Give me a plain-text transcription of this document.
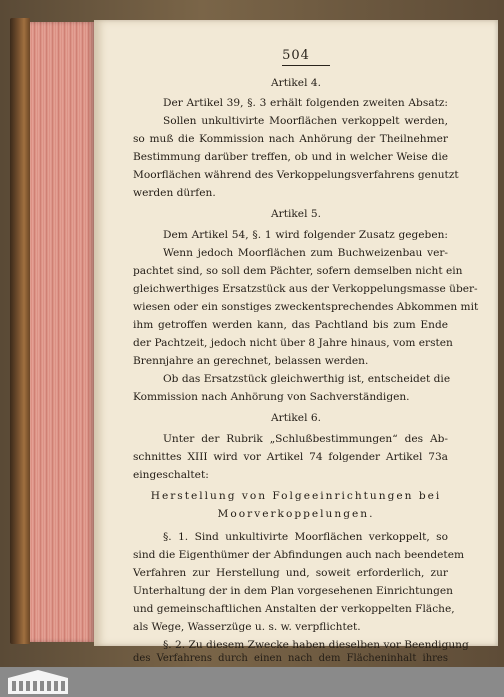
504
Artikel 4.
Der Artikel 39, §. 3 erhält folgenden zweiten Absatz:
Sollen unkultivirte Moorflächen verkoppelt werden,
so muß die Kommission nach Anhörung der Theilnehmer
Bestimmung darüber treffen, ob und in welcher Weise die
Moorflächen während des Verkoppelungsverfahrens genutzt
werden dürfen.
Artikel 5.
Dem Artikel 54, §. 1 wird folgender Zusatz gegeben:
Wenn jedoch Moorflächen zum Buchweizenbau ver-
pachtet sind, so soll dem Pächter, sofern demselben nicht ein
gleichwerthiges Ersatzstück aus der Verkoppelungsmasse über-
wiesen oder ein sonstiges zweckentsprechendes Abkommen mit
ihm getroffen werden kann, das Pachtland bis zum Ende
der Pachtzeit, jedoch nicht über 8 Jahre hinaus, vom ersten
Brennjahre an gerechnet, belassen werden.
Ob das Ersatzstück gleichwerthig ist, entscheidet die
Kommission nach Anhörung von Sachverständigen.
Artikel 6.
Unter der Rubrik „Schlußbestimmungen“ des Ab-
schnittes XIII wird vor Artikel 74 folgender Artikel 73a
eingeschaltet:
Herstellung von Folgeeinrichtungen bei
Moorverkoppelungen.
§. 1. Sind unkultivirte Moorflächen verkoppelt, so
sind die Eigenthümer der Abfindungen auch nach beendetem
Verfahren zur Herstellung und, soweit erforderlich, zur
Unterhaltung der in dem Plan vorgesehenen Einrichtungen
und gemeinschaftlichen Anstalten der verkoppelten Fläche,
als Wege, Wasserzüge u. s. w. verpflichtet.
§. 2. Zu diesem Zwecke haben dieselben vor Beendigung
des Verfahrens durch einen nach dem Flächeninhalt ihres
